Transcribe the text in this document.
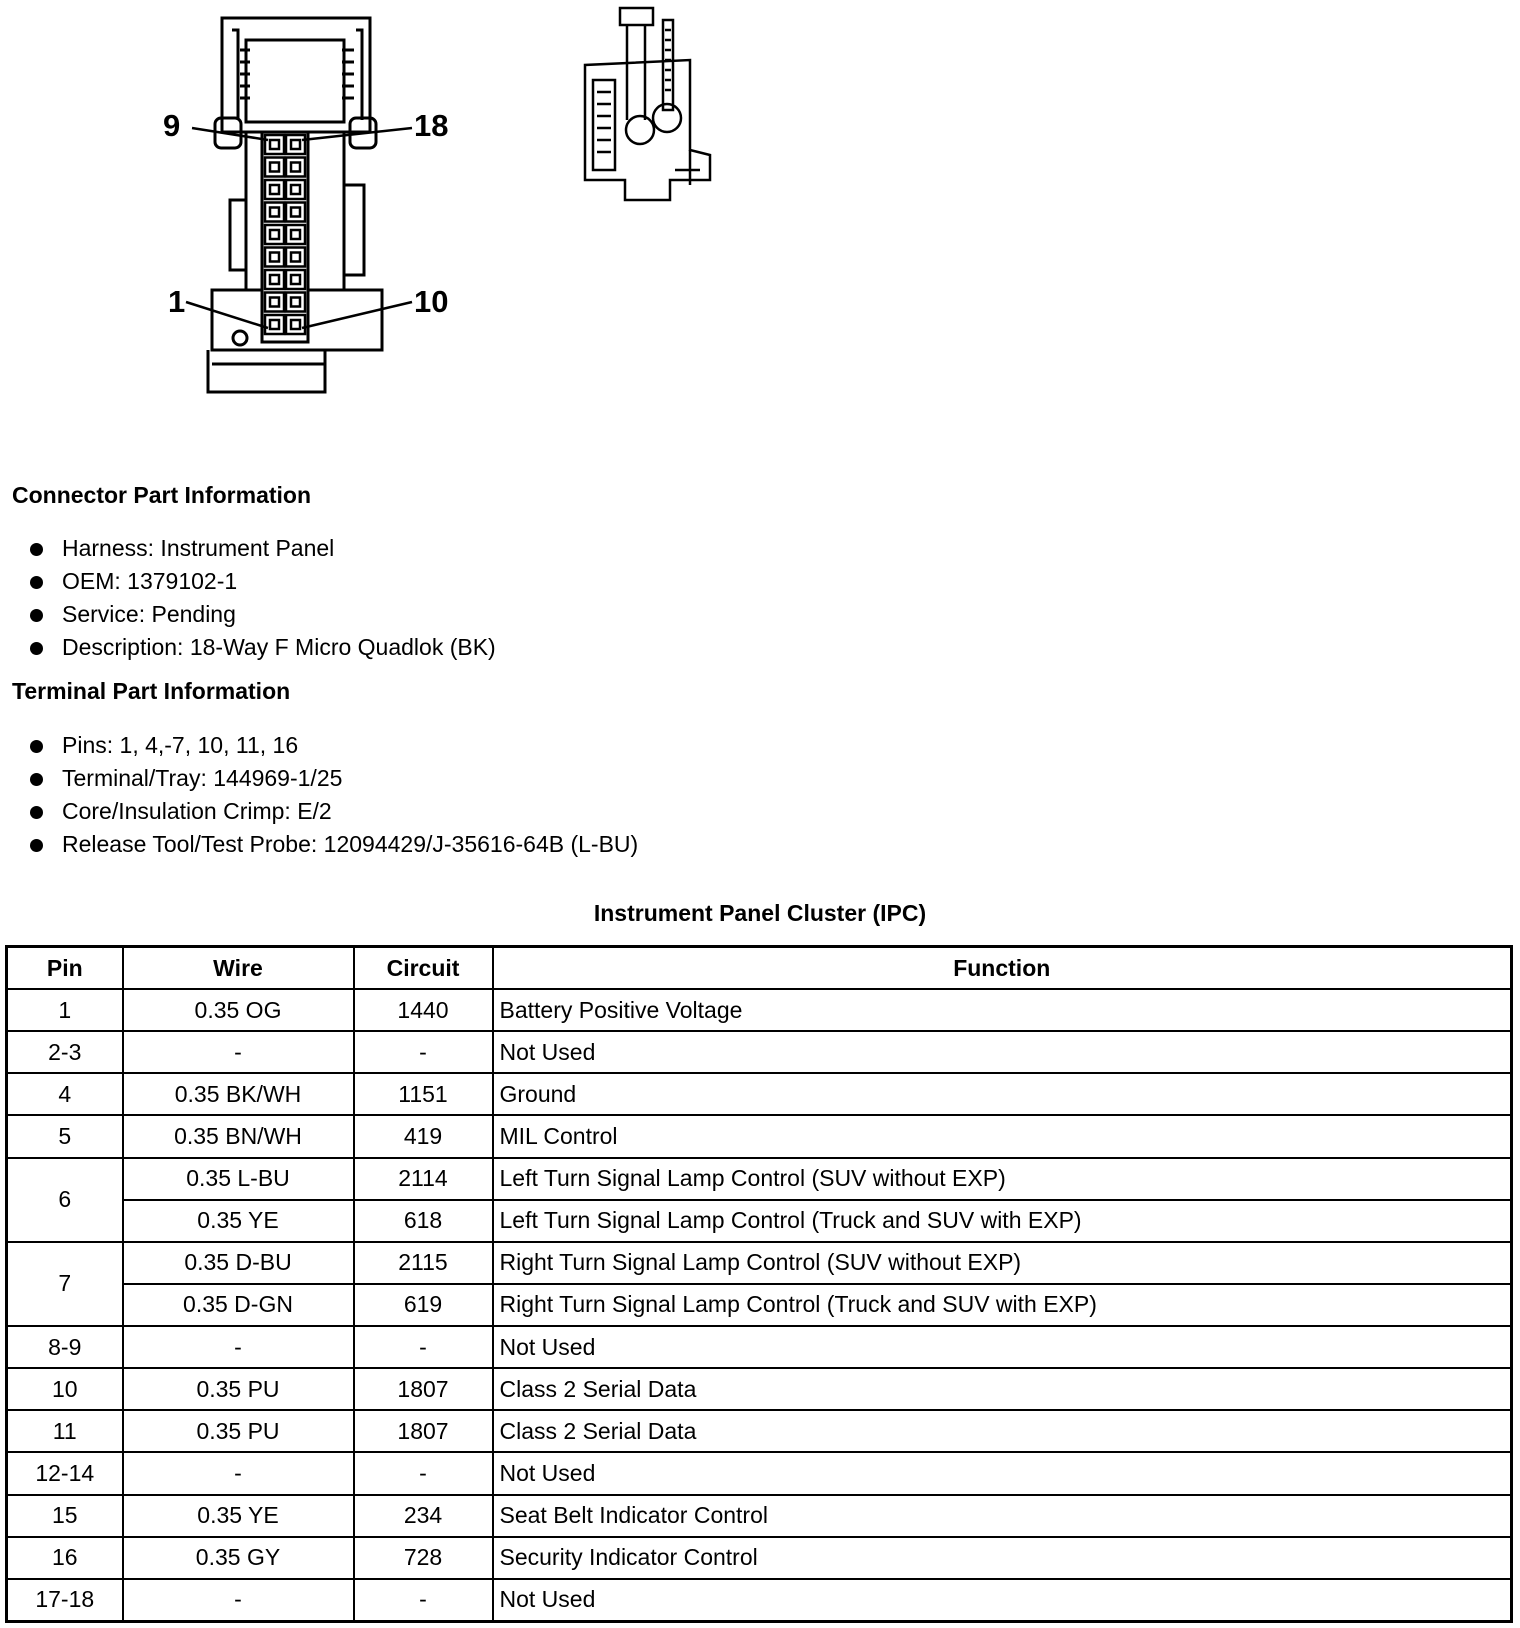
9	18
1	10
Connector Part Information
Harness: Instrument Panel
OEM: 1379102-1
Service: Pending
Description: 18-Way F Micro Quadlok (BK)
Terminal Part Information
Pins: 1, 4,-7, 10, 11, 16
Terminal/Tray: 144969-1/25
Core/Insulation Crimp: E/2
Release Tool/Test Probe: 12094429/J-35616-64B (L-BU)
Instrument Panel Cluster (IPC)
Pin	Wire	Circuit	Function
1	0.35 OG	1440	Battery Positive Voltage
2-3	-	-	Not Used
4	0.35 BK/WH	1151	Ground
5	0.35 BN/WH	419	MIL Control
6	0.35 L-BU	2114	Left Turn Signal Lamp Control (SUV without EXP)
	0.35 YE	618	Left Turn Signal Lamp Control (Truck and SUV with EXP)
7	0.35 D-BU	2115	Right Turn Signal Lamp Control (SUV without EXP)
	0.35 D-GN	619	Right Turn Signal Lamp Control (Truck and SUV with EXP)
8-9	-	-	Not Used
10	0.35 PU	1807	Class 2 Serial Data
11	0.35 PU	1807	Class 2 Serial Data
12-14	-	-	Not Used
15	0.35 YE	234	Seat Belt Indicator Control
16	0.35 GY	728	Security Indicator Control
17-18	-	-	Not Used
